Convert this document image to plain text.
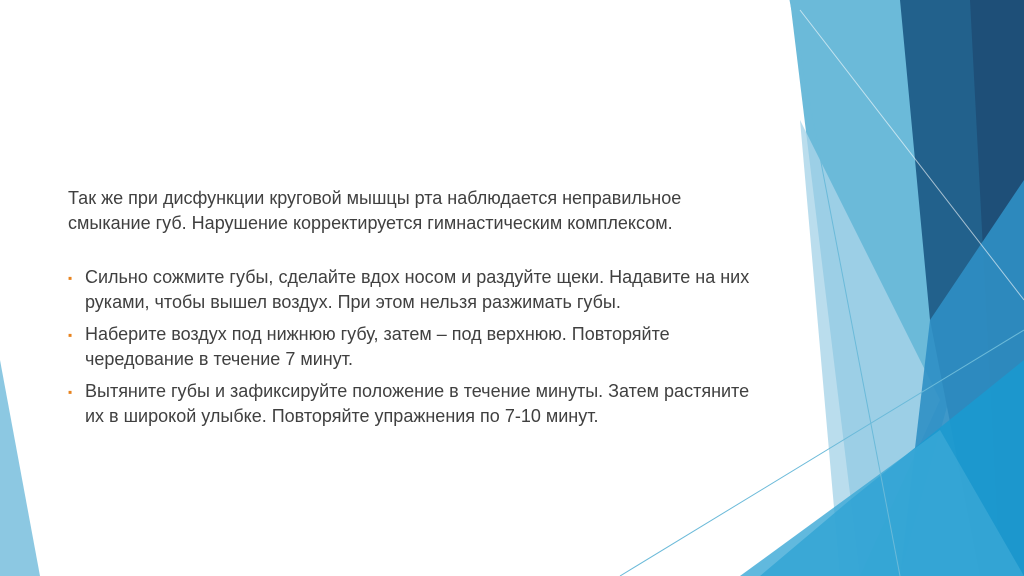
Так же при дисфункции круговой мышцы рта наблюдается неправильное смыкание губ. Нарушение корректируется гимнастическим комплексом.

▪ Сильно сожмите губы, сделайте вдох носом и раздуйте щеки. Надавите на них руками, чтобы вышел воздух. При этом нельзя разжимать губы.
▪ Наберите воздух под нижнюю губу, затем – под верхнюю. Повторяйте чередование в течение 7 минут.
▪ Вытяните губы и зафиксируйте положение в течение минуты. Затем растяните их в широкой улыбке. Повторяйте упражнения по 7-10 минут.
